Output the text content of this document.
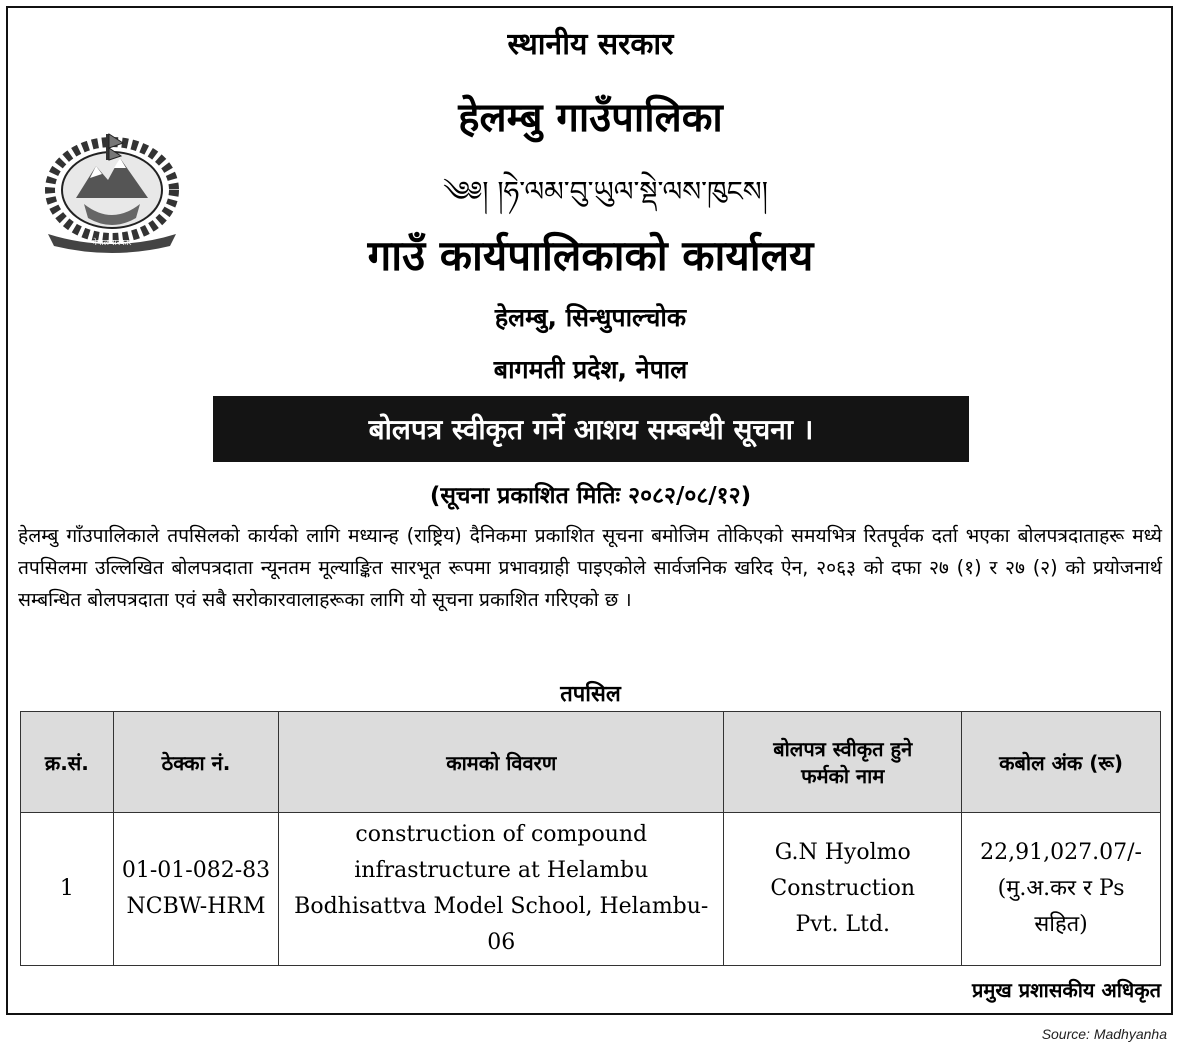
स्थानीय सरकार
हेलम्बु गाउँपालिका
༄༅། །ཧེ་ལམ་བུ་ཡུལ་སྡེ་ལས་ཁུངས།
गाउँ कार्यपालिकाको कार्यालय
हेलम्बु, सिन्धुपाल्चोक
बागमती प्रदेश, नेपाल
नेपाल सरकार
बोलपत्र स्वीकृत गर्ने आशय सम्बन्धी सूचना ।
(सूचना प्रकाशित मितिः २०८२/०८/१२)
हेलम्बु गाँउपालिकाले तपसिलको कार्यको लागि मध्यान्ह (राष्ट्रिय) दैनिकमा प्रकाशित सूचना बमोजिम तोकिएको समयभित्र रितपूर्वक दर्ता भएका बोलपत्रदाताहरू मध्ये तपसिलमा उल्लिखित बोलपत्रदाता न्यूनतम मूल्याङ्कित सारभूत रूपमा प्रभावग्राही पाइएकोले सार्वजनिक खरिद ऐन, २०६३ को दफा २७ (१) र २७ (२) को प्रयोजनार्थ सम्बन्धित बोलपत्रदाता एवं सबै सरोकारवालाहरूका लागि यो सूचना प्रकाशित गरिएको छ ।
तपसिल
क्र.सं.	ठेक्का नं.	कामको विवरण	बोलपत्र स्वीकृत हुने फर्मको नाम	कबोल अंक (रू)
1	01-01-082-83 NCBW-HRM	construction of compound infrastructure at Helambu Bodhisattva Model School, Helambu-06	G.N Hyolmo Construction Pvt. Ltd.	22,91,027.07/- (मु.अ.कर र Ps सहित)
प्रमुख प्रशासकीय अधिकृत
Source: Madhyanha
